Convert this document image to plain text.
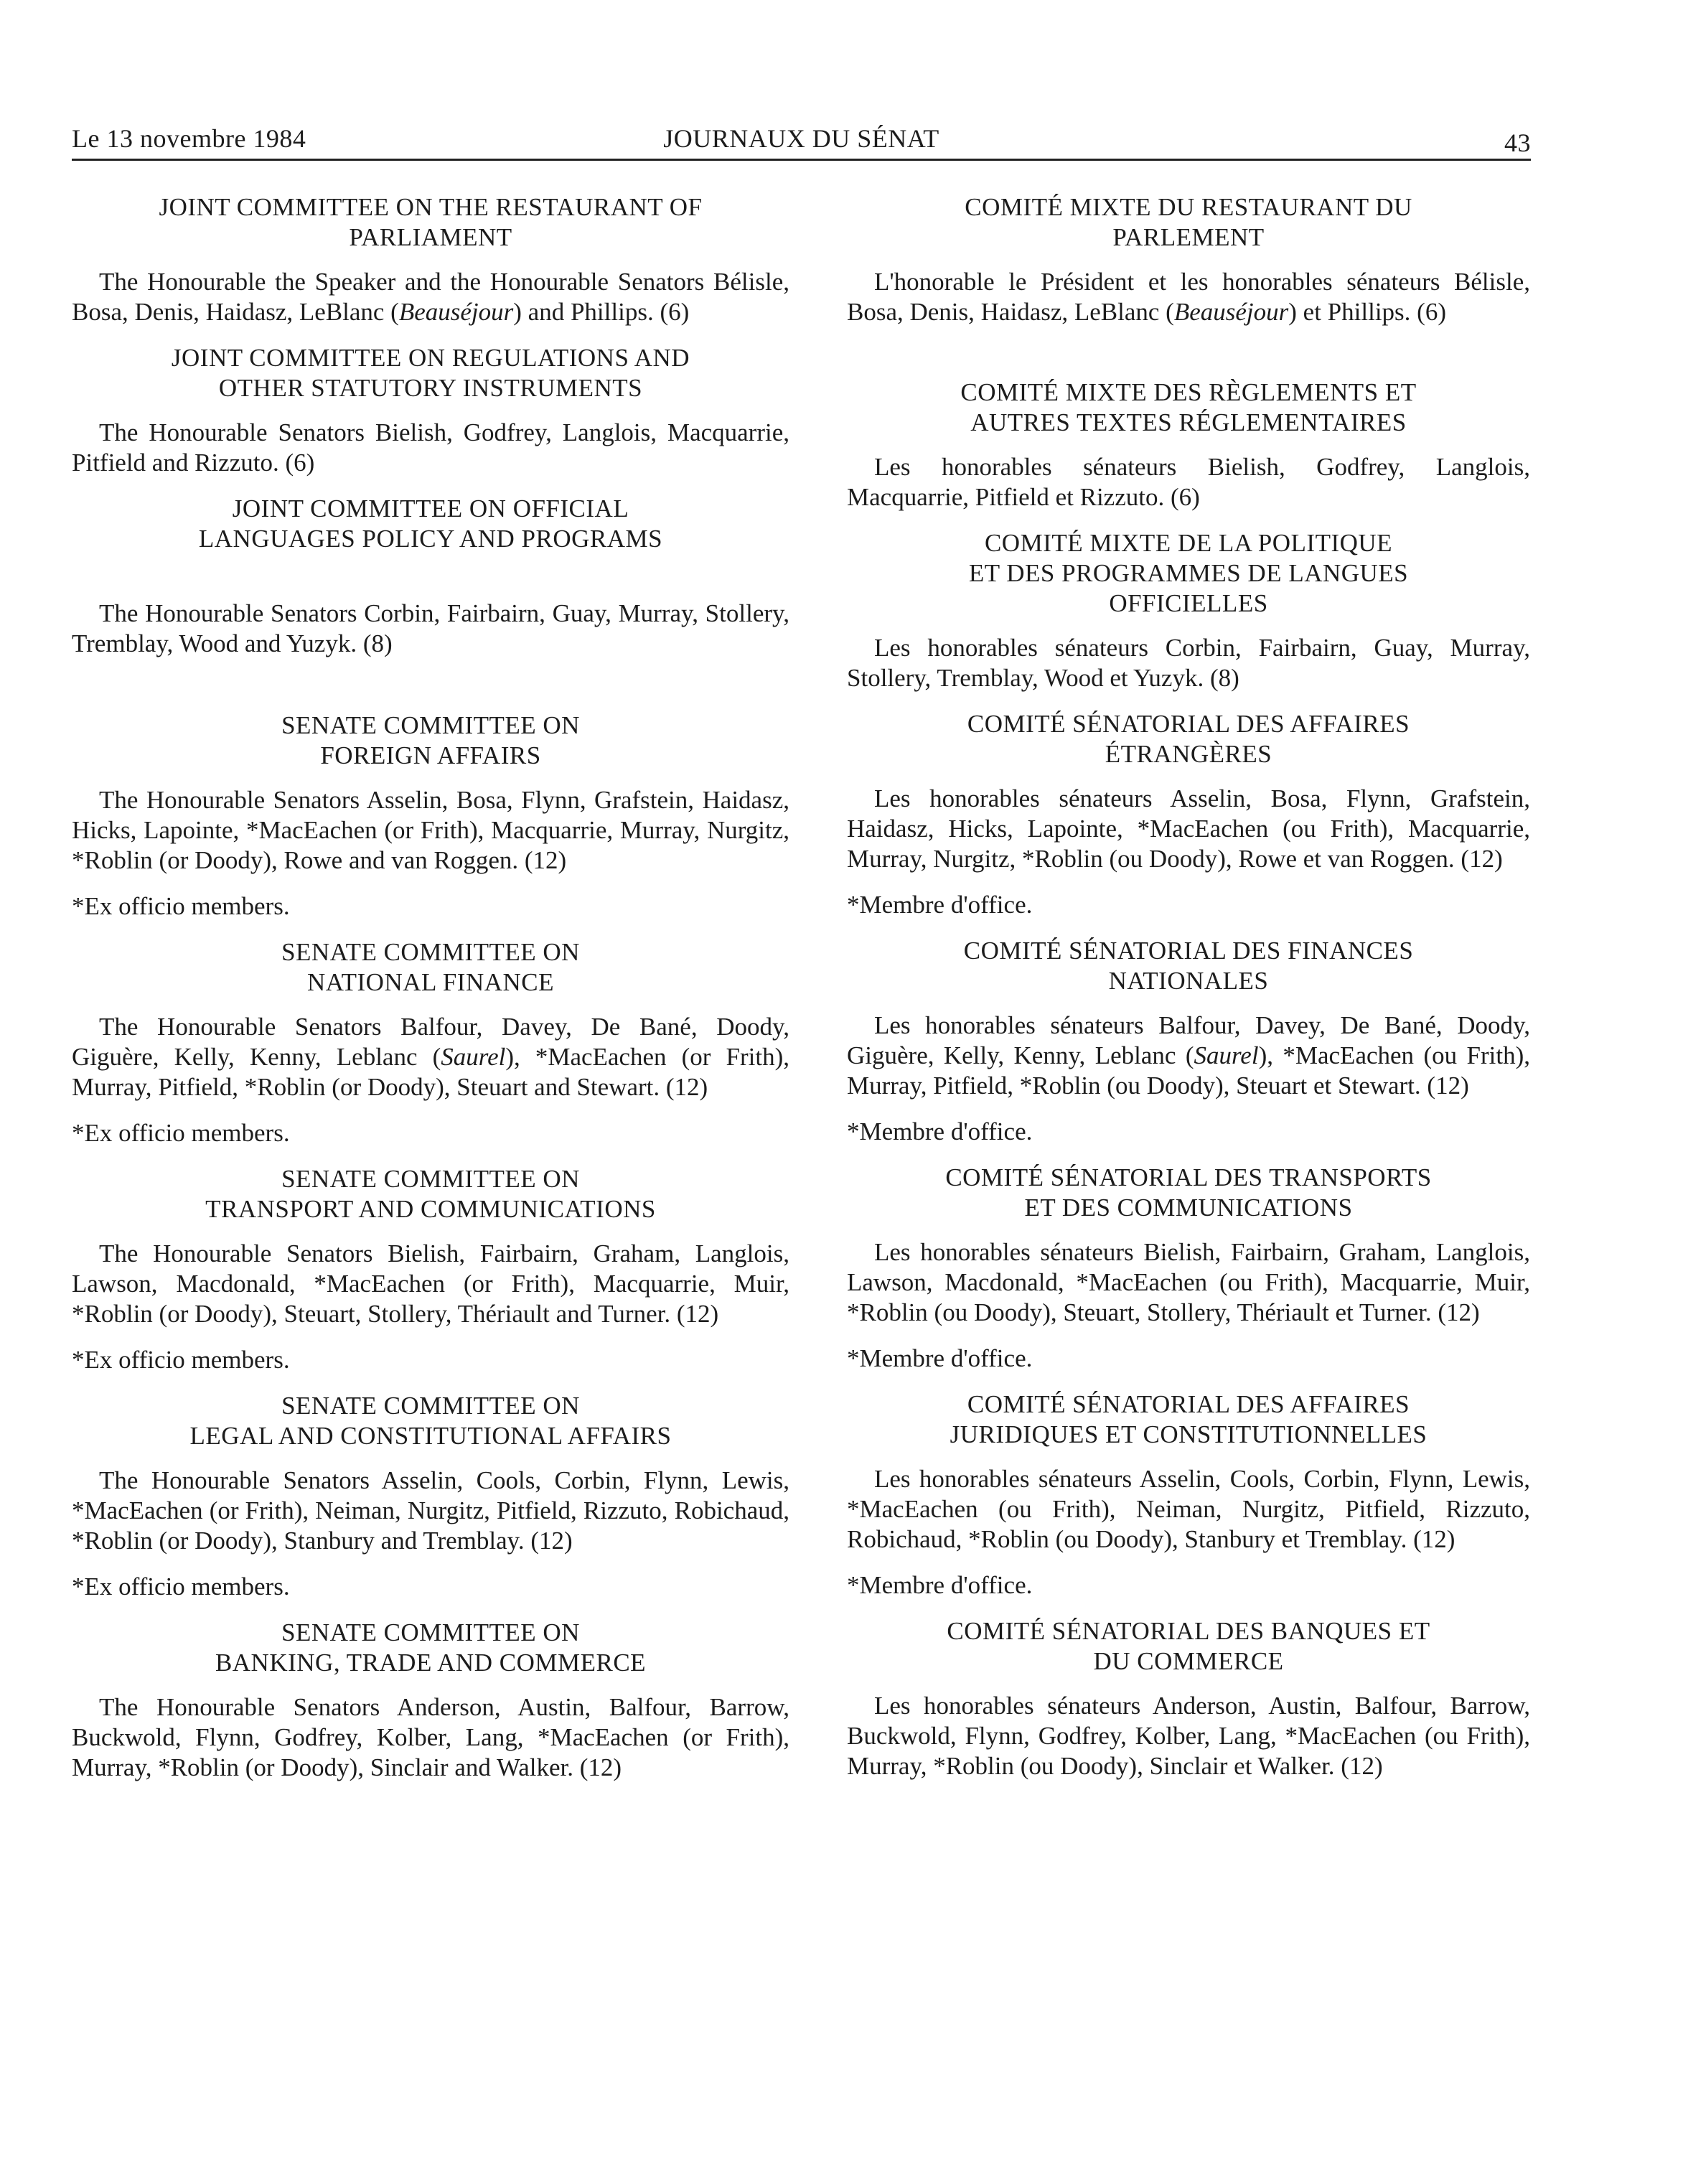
Le 13 novembre 1984	JOURNAUX DU SÉNAT	43
JOINT COMMITTEE ON THE RESTAURANT OF
PARLIAMENT

The Honourable the Speaker and the Honourable Senators Bélisle, Bosa, Denis, Haidasz, LeBlanc (Beauséjour) and Phillips. (6)

JOINT COMMITTEE ON REGULATIONS AND
OTHER STATUTORY INSTRUMENTS

The Honourable Senators Bielish, Godfrey, Langlois, Macquarrie, Pitfield and Rizzuto. (6)

JOINT COMMITTEE ON OFFICIAL
LANGUAGES POLICY AND PROGRAMS

The Honourable Senators Corbin, Fairbairn, Guay, Murray, Stollery, Tremblay, Wood and Yuzyk. (8)

SENATE COMMITTEE ON
FOREIGN AFFAIRS

The Honourable Senators Asselin, Bosa, Flynn, Grafstein, Haidasz, Hicks, Lapointe, *MacEachen (or Frith), Macquarrie, Murray, Nurgitz, *Roblin (or Doody), Rowe and van Roggen. (12)

*Ex officio members.

SENATE COMMITTEE ON
NATIONAL FINANCE

The Honourable Senators Balfour, Davey, De Bané, Doody, Giguère, Kelly, Kenny, Leblanc (Saurel), *MacEachen (or Frith), Murray, Pitfield, *Roblin (or Doody), Steuart and Stewart. (12)

*Ex officio members.

SENATE COMMITTEE ON
TRANSPORT AND COMMUNICATIONS

The Honourable Senators Bielish, Fairbairn, Graham, Langlois, Lawson, Macdonald, *MacEachen (or Frith), Macquarrie, Muir, *Roblin (or Doody), Steuart, Stollery, Thériault and Turner. (12)

*Ex officio members.

SENATE COMMITTEE ON
LEGAL AND CONSTITUTIONAL AFFAIRS

The Honourable Senators Asselin, Cools, Corbin, Flynn, Lewis, *MacEachen (or Frith), Neiman, Nurgitz, Pitfield, Rizzuto, Robichaud, *Roblin (or Doody), Stanbury and Tremblay. (12)

*Ex officio members.

SENATE COMMITTEE ON
BANKING, TRADE AND COMMERCE

The Honourable Senators Anderson, Austin, Balfour, Barrow, Buckwold, Flynn, Godfrey, Kolber, Lang, *MacEachen (or Frith), Murray, *Roblin (or Doody), Sinclair and Walker. (12)

COMITÉ MIXTE DU RESTAURANT DU
PARLEMENT

L'honorable le Président et les honorables sénateurs Bélisle, Bosa, Denis, Haidasz, LeBlanc (Beauséjour) et Phillips. (6)

COMITÉ MIXTE DES RÈGLEMENTS ET
AUTRES TEXTES RÉGLEMENTAIRES

Les honorables sénateurs Bielish, Godfrey, Langlois, Macquarrie, Pitfield et Rizzuto. (6)

COMITÉ MIXTE DE LA POLITIQUE
ET DES PROGRAMMES DE LANGUES
OFFICIELLES

Les honorables sénateurs Corbin, Fairbairn, Guay, Murray, Stollery, Tremblay, Wood et Yuzyk. (8)

COMITÉ SÉNATORIAL DES AFFAIRES
ÉTRANGÈRES

Les honorables sénateurs Asselin, Bosa, Flynn, Grafstein, Haidasz, Hicks, Lapointe, *MacEachen (ou Frith), Macquarrie, Murray, Nurgitz, *Roblin (ou Doody), Rowe et van Roggen. (12)

*Membre d'office.

COMITÉ SÉNATORIAL DES FINANCES
NATIONALES

Les honorables sénateurs Balfour, Davey, De Bané, Doody, Giguère, Kelly, Kenny, Leblanc (Saurel), *MacEachen (ou Frith), Murray, Pitfield, *Roblin (ou Doody), Steuart et Stewart. (12)

*Membre d'office.

COMITÉ SÉNATORIAL DES TRANSPORTS
ET DES COMMUNICATIONS

Les honorables sénateurs Bielish, Fairbairn, Graham, Langlois, Lawson, Macdonald, *MacEachen (ou Frith), Macquarrie, Muir, *Roblin (ou Doody), Steuart, Stollery, Thériault et Turner. (12)

*Membre d'office.

COMITÉ SÉNATORIAL DES AFFAIRES
JURIDIQUES ET CONSTITUTIONNELLES

Les honorables sénateurs Asselin, Cools, Corbin, Flynn, Lewis, *MacEachen (ou Frith), Neiman, Nurgitz, Pitfield, Rizzuto, Robichaud, *Roblin (ou Doody), Stanbury et Tremblay. (12)

*Membre d'office.

COMITÉ SÉNATORIAL DES BANQUES ET
DU COMMERCE

Les honorables sénateurs Anderson, Austin, Balfour, Barrow, Buckwold, Flynn, Godfrey, Kolber, Lang, *MacEachen (ou Frith), Murray, *Roblin (ou Doody), Sinclair et Walker. (12)
